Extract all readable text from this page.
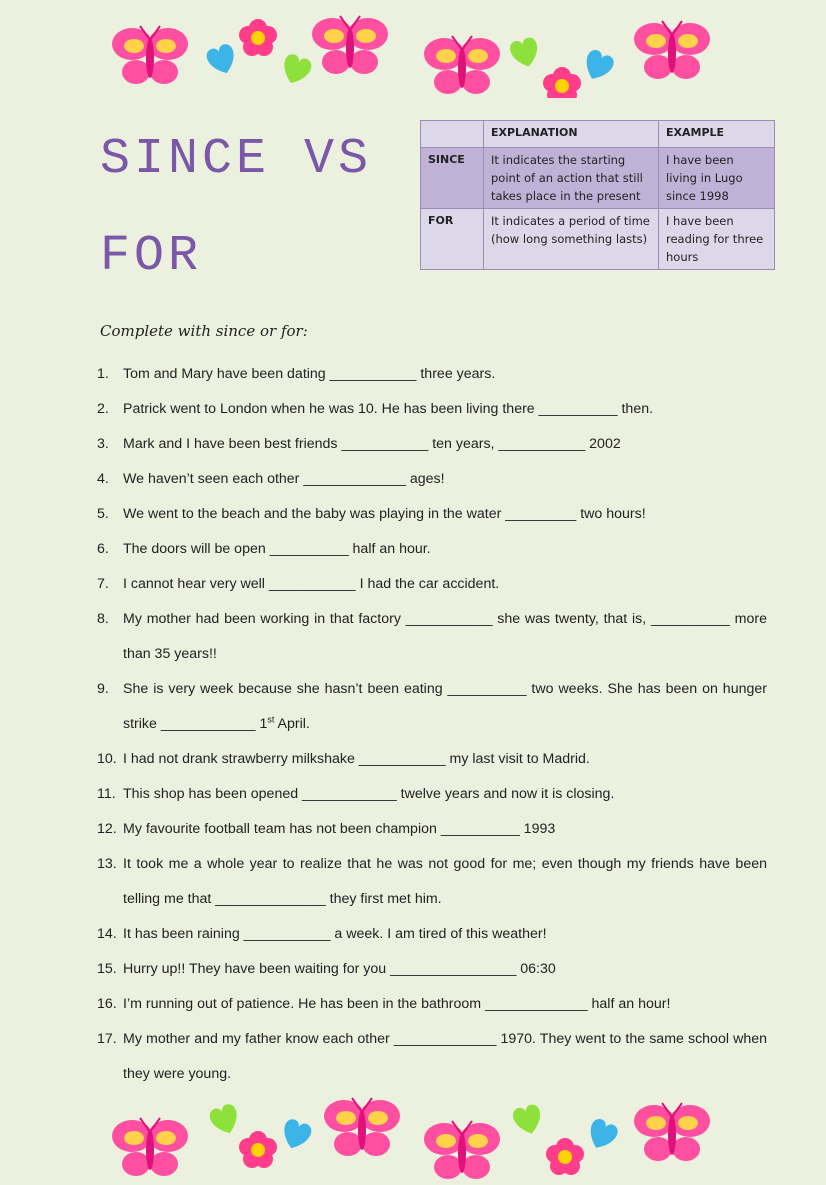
SINCE VS
FOR
	EXPLANATION	EXAMPLE
SINCE	It indicates the starting point of an action that still takes place in the present	I have been living in Lugo since 1998
FOR	It indicates a period of time (how long something lasts)	I have been reading for three hours
Complete with since or for:
1. Tom and Mary have been dating ___________ three years.
2. Patrick went to London when he was 10. He has been living there __________ then.
3. Mark and I have been best friends ___________ ten years, ___________ 2002
4. We haven’t seen each other _____________ ages!
5. We went to the beach and the baby was playing in the water _________ two hours!
6. The doors will be open __________ half an hour.
7. I cannot hear very well ___________ I had the car accident.
8. My mother had been working in that factory ___________ she was twenty, that is, __________ more than 35 years!!
9. She is very week because she hasn’t been eating __________ two weeks. She has been on hunger strike ____________ 1st April.
10. I had not drank strawberry milkshake ___________ my last visit to Madrid.
11. This shop has been opened ____________ twelve years and now it is closing.
12. My favourite football team has not been champion __________ 1993
13. It took me a whole year to realize that he was not good for me; even though my friends have been telling me that ______________ they first met him.
14. It has been raining ___________ a week. I am tired of this weather!
15. Hurry up!! They have been waiting for you ________________ 06:30
16. I’m running out of patience. He has been in the bathroom _____________ half an hour!
17. My mother and my father know each other _____________ 1970. They went to the same school when they were young.
